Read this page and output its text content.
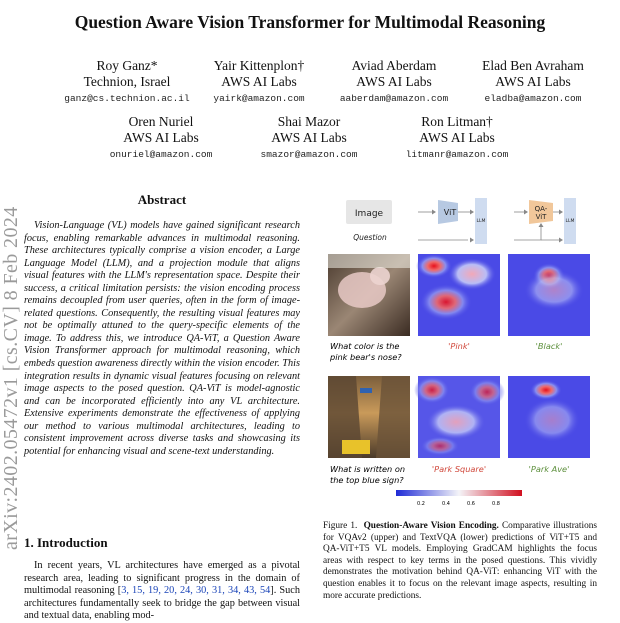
Question Aware Vision Transformer for Multimodal Reasoning
Roy Ganz*
Technion, Israel
ganz@cs.technion.ac.il
Yair Kittenplon†
AWS AI Labs
yairk@amazon.com
Aviad Aberdam
AWS AI Labs
aaberdam@amazon.com
Elad Ben Avraham
AWS AI Labs
eladba@amazon.com
Oren Nuriel
AWS AI Labs
onuriel@amazon.com
Shai Mazor
AWS AI Labs
smazor@amazon.com
Ron Litman†
AWS AI Labs
litmanr@amazon.com
arXiv:2402.05472v1 [cs.CV] 8 Feb 2024
Abstract
Vision-Language (VL) models have gained significant research focus, enabling remarkable advances in multimodal reasoning. These architectures typically comprise a vision encoder, a Large Language Model (LLM), and a projection module that aligns visual features with the LLM's representation space. Despite their success, a critical limitation persists: the vision encoding process remains decoupled from user queries, often in the form of image-related questions. Consequently, the resulting visual features may not be optimally attuned to the query-specific elements of the image. To address this, we introduce QA-ViT, a Question Aware Vision Transformer approach for multimodal reasoning, which embeds question awareness directly within the vision encoder. This integration results in dynamic visual features focusing on relevant image aspects to the posed question. QA-ViT is model-agnostic and can be incorporated efficiently into any VL architecture. Extensive experiments demonstrate the effectiveness of applying our method to various multimodal architectures, leading to consistent improvement across diverse tasks and showcasing its potential for enhancing visual and scene-text understanding.
1. Introduction
In recent years, VL architectures have emerged as a pivotal research area, leading to significant progress in the domain of multimodal reasoning [3, 15, 19, 20, 24, 30, 31, 34, 43, 54]. Such architectures fundamentally seek to bridge the gap between visual and textual data, enabling mod-
Image
Question
ViT
LLM
QA-
ViT
LLM
What color is the
pink bear's nose?
'Pink'	'Black'
What is written on
the top blue sign?
'Park Square'	'Park Ave'
0.2	0.4	0.6	0.8
Figure 1. Question-Aware Vision Encoding. Comparative illustrations for VQAv2 (upper) and TextVQA (lower) predictions of ViT+T5 and QA-ViT+T5 VL models. Employing GradCAM highlights the focus areas with respect to key terms in the posed questions. This vividly demonstrates the motivation behind QA-ViT: enhancing ViT with the question enables it to focus on the relevant image aspects, resulting in more accurate predictions.
